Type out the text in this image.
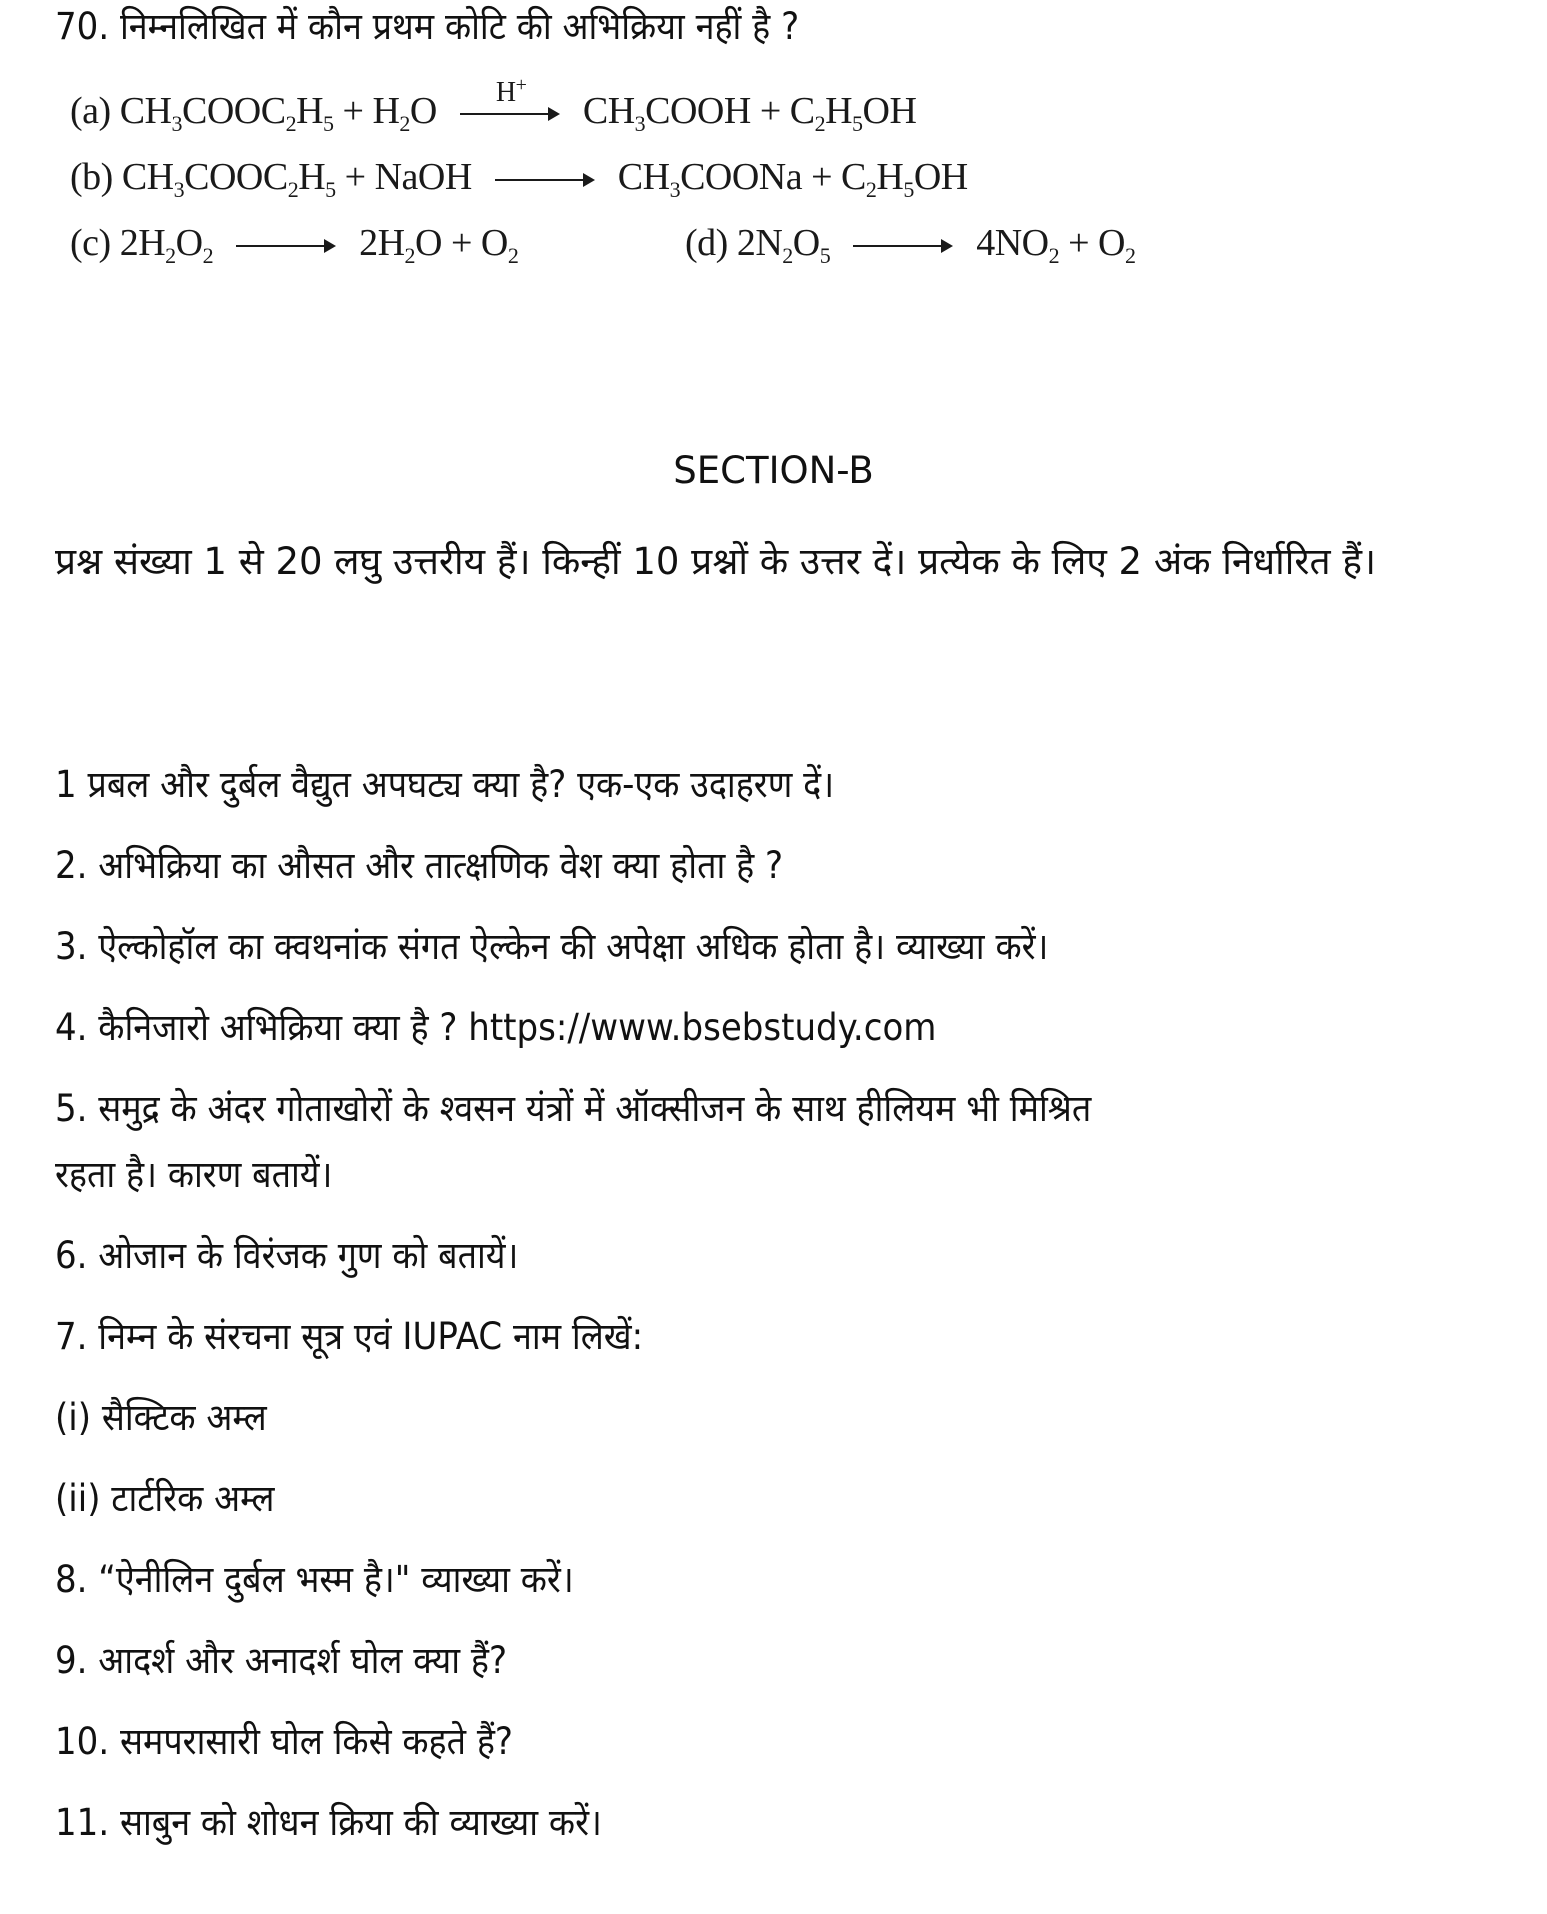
70. निम्नलिखित में कौन प्रथम कोटि की अभिक्रिया नहीं है ?
(a) $CH_3COOC_2H_5 + H_2O$ H+
$CH_3COOH + C_2H_5OH$
(b) $CH_3COOC_2H_5$ + NaOH	$CH_3COONa + C_2H_5OH$
(c) $2H_2O_2$	$2H_2O + O_2$	(d) $2N_2O_5$	$4NO_2 + O_2$
SECTION-B
प्रश्न संख्या 1 से 20 लघु उत्तरीय हैं। किन्हीं 10 प्रश्नों के उत्तर दें। प्रत्येक के लिए 2 अंक निर्धारित हैं।
1 प्रबल और दुर्बल वैद्युत अपघट्य क्या है? एक-एक उदाहरण दें।
2. अभिक्रिया का औसत और तात्क्षणिक वेश क्या होता है ?
3. ऐल्कोहॉल का क्वथनांक संगत ऐल्केन की अपेक्षा अधिक होता है। व्याख्या करें।
4. कैनिजारो अभिक्रिया क्या है ? https://www.bsebstudy.com
5. समुद्र के अंदर गोताखोरों के श्वसन यंत्रों में ऑक्सीजन के साथ हीलियम भी मिश्रित
रहता है। कारण बतायें।
6. ओजान के विरंजक गुण को बतायें।
7. निम्न के संरचना सूत्र एवं IUPAC नाम लिखें:
(i) सैक्टिक अम्ल
(ii) टार्टरिक अम्ल
8. “ऐनीलिन दुर्बल भस्म है।" व्याख्या करें।
9. आदर्श और अनादर्श घोल क्या हैं?
10. समपरासारी घोल किसे कहते हैं?
11. साबुन को शोधन क्रिया की व्याख्या करें।
